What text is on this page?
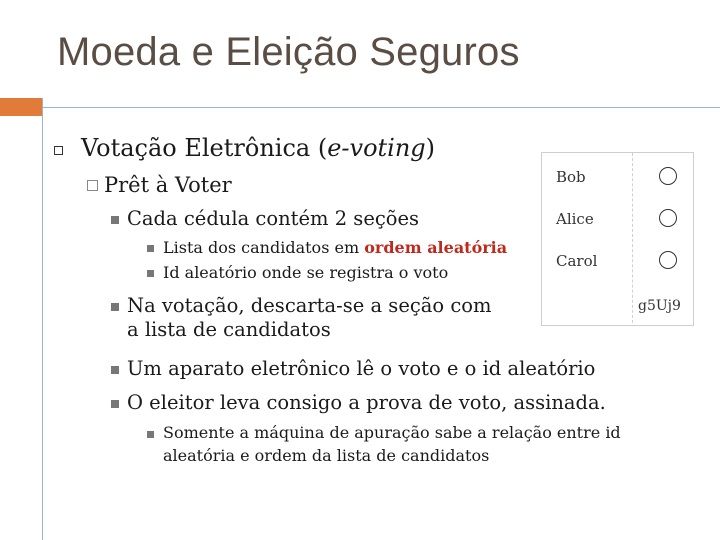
Moeda e Eleição Seguros
Votação Eletrônica (e-voting)
Prêt à Voter
Cada cédula contém 2 seções
Lista dos candidatos em ordem aleatória
Id aleatório onde se registra o voto
Na votação, descarta-se a seção com
a lista de candidatos
Um aparato eletrônico lê o voto e o id aleatório
O eleitor leva consigo a prova de voto, assinada.
Somente a máquina de apuração sabe a relação entre id
aleatória e ordem da lista de candidatos
Bob
Alice
Carol
g5Uj9
